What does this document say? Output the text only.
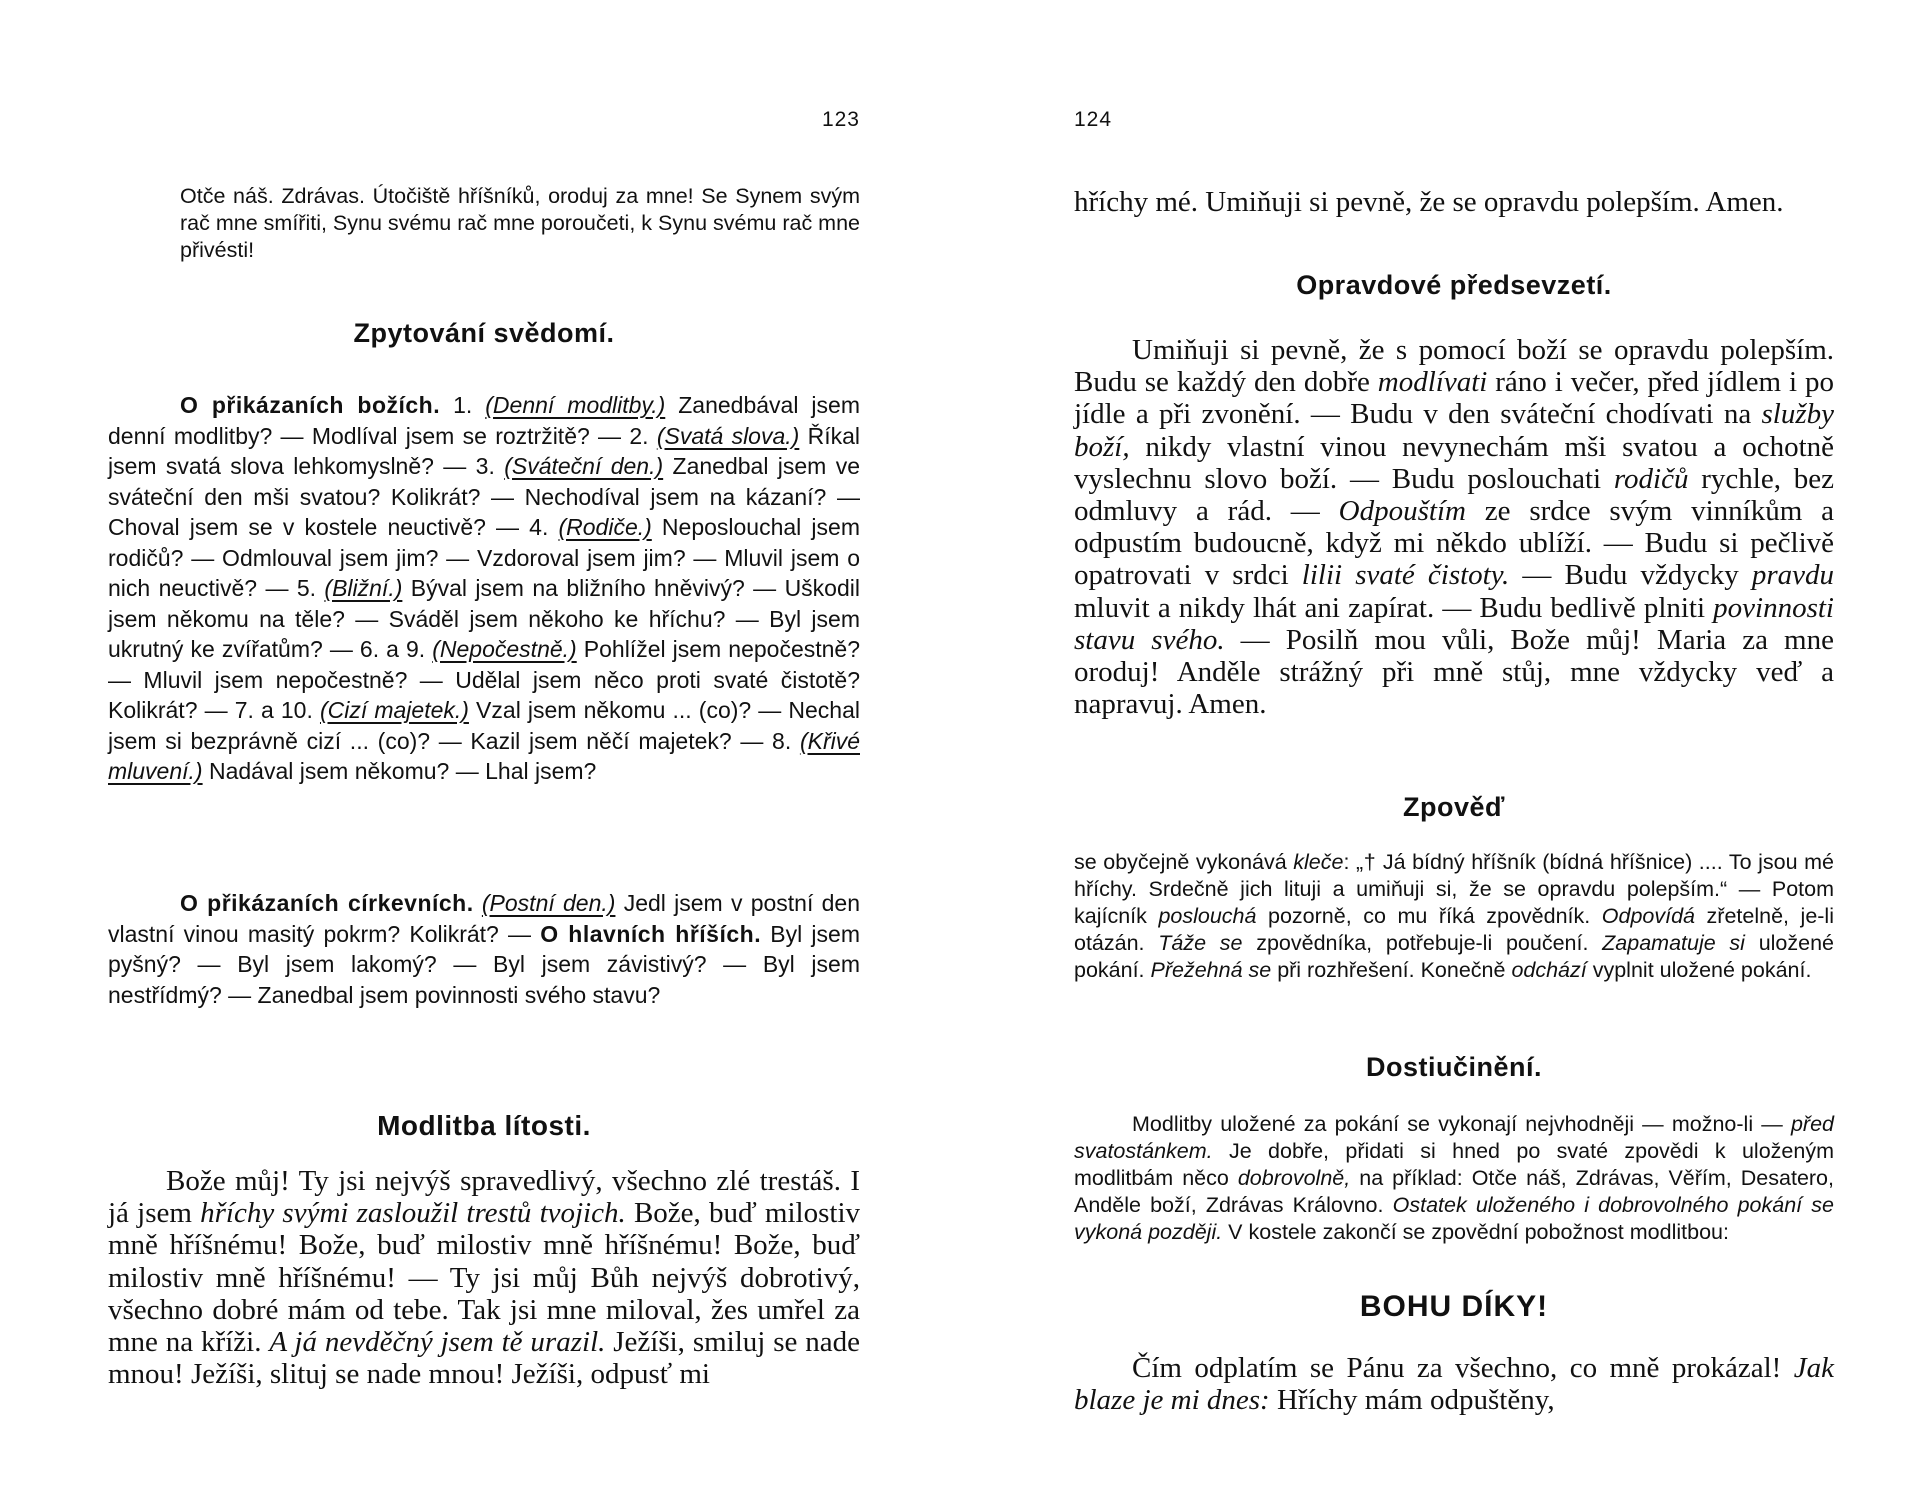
123

Otče náš. Zdrávas. Útočiště hříšníků, oroduj za mne! Se Synem svým rač mne smířiti, Synu svému rač mne poroučeti, k Synu svému rač mne přivésti!

Zpytování svědomí.

O přikázaních božích. 1. (Denní modlitby.) Zanedbával jsem denní modlitby? — Modlíval jsem se roztržitě? — 2. (Svatá slova.) Říkal jsem svatá slova lehkomyslně? — 3. (Sváteční den.) Zanedbal jsem ve sváteční den mši svatou? Kolikrát? — Nechodíval jsem na kázaní? — Choval jsem se v kostele neuctivě? — 4. (Rodiče.) Neposlouchal jsem rodičů? — Odmlouval jsem jim? — Vzdoroval jsem jim? — Mluvil jsem o nich neuctivě? — 5. (Bližní.) Býval jsem na bližního hněvivý? — Uškodil jsem někomu na těle? — Sváděl jsem někoho ke hříchu? — Byl jsem ukrutný ke zvířatům? — 6. a 9. (Nepočestně.) Pohlížel jsem nepočestně? — Mluvil jsem nepočestně? — Udělal jsem něco proti svaté čistotě? Kolikrát? — 7. a 10. (Cizí majetek.) Vzal jsem někomu ... (co)? — Nechal jsem si bezprávně cizí ... (co)? — Kazil jsem něčí majetek? — 8. (Křivé mluvení.) Nadával jsem někomu? — Lhal jsem?

O přikázaních církevních. (Postní den.) Jedl jsem v postní den vlastní vinou masitý pokrm? Kolikrát? — O hlavních hříších. Byl jsem pyšný? — Byl jsem lakomý? — Byl jsem závistivý? — Byl jsem nestřídmý? — Zanedbal jsem povinnosti svého stavu?

Modlitba lítosti.

Bože můj! Ty jsi nejvýš spravedlivý, všechno zlé trestáš. I já jsem hříchy svými zasloužil trestů tvojich. Bože, buď milostiv mně hříšnému! Bože, buď milostiv mně hříšnému! Bože, buď milostiv mně hříšnému! — Ty jsi můj Bůh nejvýš dobrotivý, všechno dobré mám od tebe. Tak jsi mne miloval, žes umřel za mne na kříži. A já nevděčný jsem tě urazil. Ježíši, smiluj se nade mnou! Ježíši, slituj se nade mnou! Ježíši, odpusť mi

124

hříchy mé. Umiňuji si pevně, že se opravdu polepším. Amen.

Opravdové předsevzetí.

Umiňuji si pevně, že s pomocí boží se opravdu polepším. Budu se každý den dobře modlívati ráno i večer, před jídlem i po jídle a při zvonění. — Budu v den sváteční chodívati na služby boží, nikdy vlastní vinou nevynechám mši svatou a ochotně vyslechnu slovo boží. — Budu poslouchati rodičů rychle, bez odmluvy a rád. — Odpouštím ze srdce svým vinníkům a odpustím budoucně, když mi někdo ublíží. — Budu si pečlivě opatrovati v srdci lilii svaté čistoty. — Budu vždycky pravdu mluvit a nikdy lhát ani zapírat. — Budu bedlivě plniti povinnosti stavu svého. — Posilň mou vůli, Bože můj! Maria za mne oroduj! Anděle strážný při mně stůj, mne vždycky veď a napravuj. Amen.

Zpověď

se obyčejně vykonává kleče: „† Já bídný hříšník (bídná hříšnice) .... To jsou mé hříchy. Srdečně jich lituji a umiňuji si, že se opravdu polepším.“ — Potom kajícník poslouchá pozorně, co mu říká zpovědník. Odpovídá zřetelně, je-li otázán. Táže se zpovědníka, potřebuje-li poučení. Zapamatuje si uložené pokání. Přežehná se při rozhřešení. Konečně odchází vyplnit uložené pokání.

Dostiučinění.

Modlitby uložené za pokání se vykonají nejvhodněji — možno-li — před svatostánkem. Je dobře, přidati si hned po svaté zpovědi k uloženým modlitbám něco dobrovolně, na příklad: Otče náš, Zdrávas, Věřím, Desatero, Anděle boží, Zdrávas Královno. Ostatek uloženého i dobrovolného pokání se vykoná později. V kostele zakončí se zpovědní pobožnost modlitbou:

BOHU DÍKY!

Čím odplatím se Pánu za všechno, co mně prokázal! Jak blaze je mi dnes: Hříchy mám odpuštěny,
